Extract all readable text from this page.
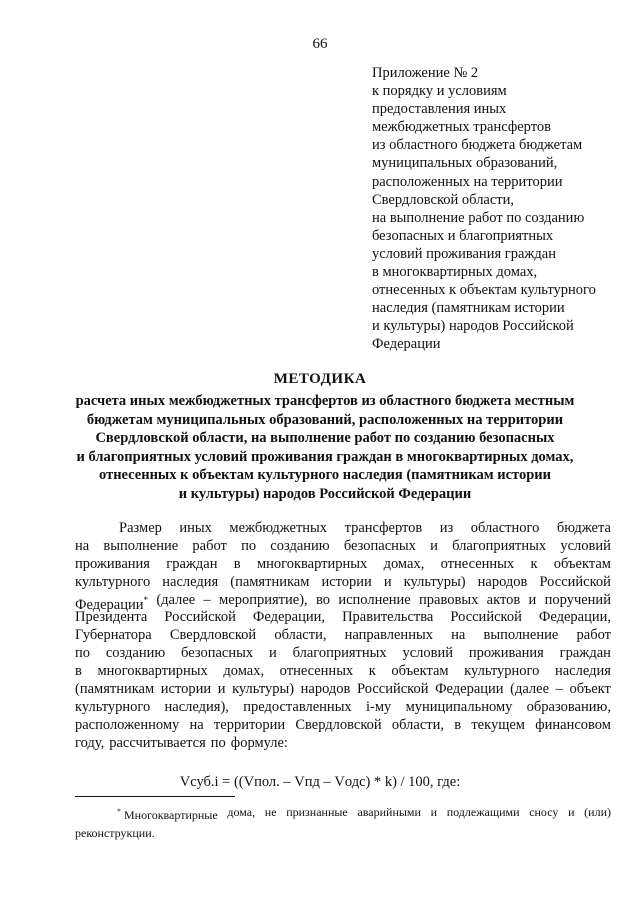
66
Приложение № 2
к порядку и условиям
предоставления иных
межбюджетных трансфертов
из областного бюджета бюджетам
муниципальных образований,
расположенных на территории
Свердловской области,
на выполнение работ по созданию
безопасных и благоприятных
условий проживания граждан
в многоквартирных домах,
отнесенных к объектам культурного
наследия (памятникам истории
и культуры) народов Российской
Федерации
МЕТОДИКА
расчета иных межбюджетных трансфертов из областного бюджета местным
бюджетам муниципальных образований, расположенных на территории
Свердловской области, на выполнение работ по созданию безопасных
и благоприятных условий проживания граждан в многоквартирных домах,
отнесенных к объектам культурного наследия (памятникам истории
и культуры) народов Российской Федерации
Размер иных межбюджетных трансфертов из областного бюджета
на выполнение работ по созданию безопасных и благоприятных условий
проживания граждан в многоквартирных домах, отнесенных к объектам
культурного наследия (памятникам истории и культуры) народов Российской
Федерации* (далее – мероприятие), во исполнение правовых актов и поручений
Президента Российской Федерации, Правительства Российской Федерации,
Губернатора Свердловской области, направленных на выполнение работ
по созданию безопасных и благоприятных условий проживания граждан
в многоквартирных домах, отнесенных к объектам культурного наследия
(памятникам истории и культуры) народов Российской Федерации (далее – объект
культурного наследия), предоставленных i-му муниципальному образованию,
расположенному на территории Свердловской области, в текущем финансовом
году, рассчитывается по формуле:
Vсуб.i = ((Vпол. – Vпд – Vодс) * k) / 100, где:
* Многоквартирные дома, не признанные аварийными и подлежащими сносу и (или)
реконструкции.
